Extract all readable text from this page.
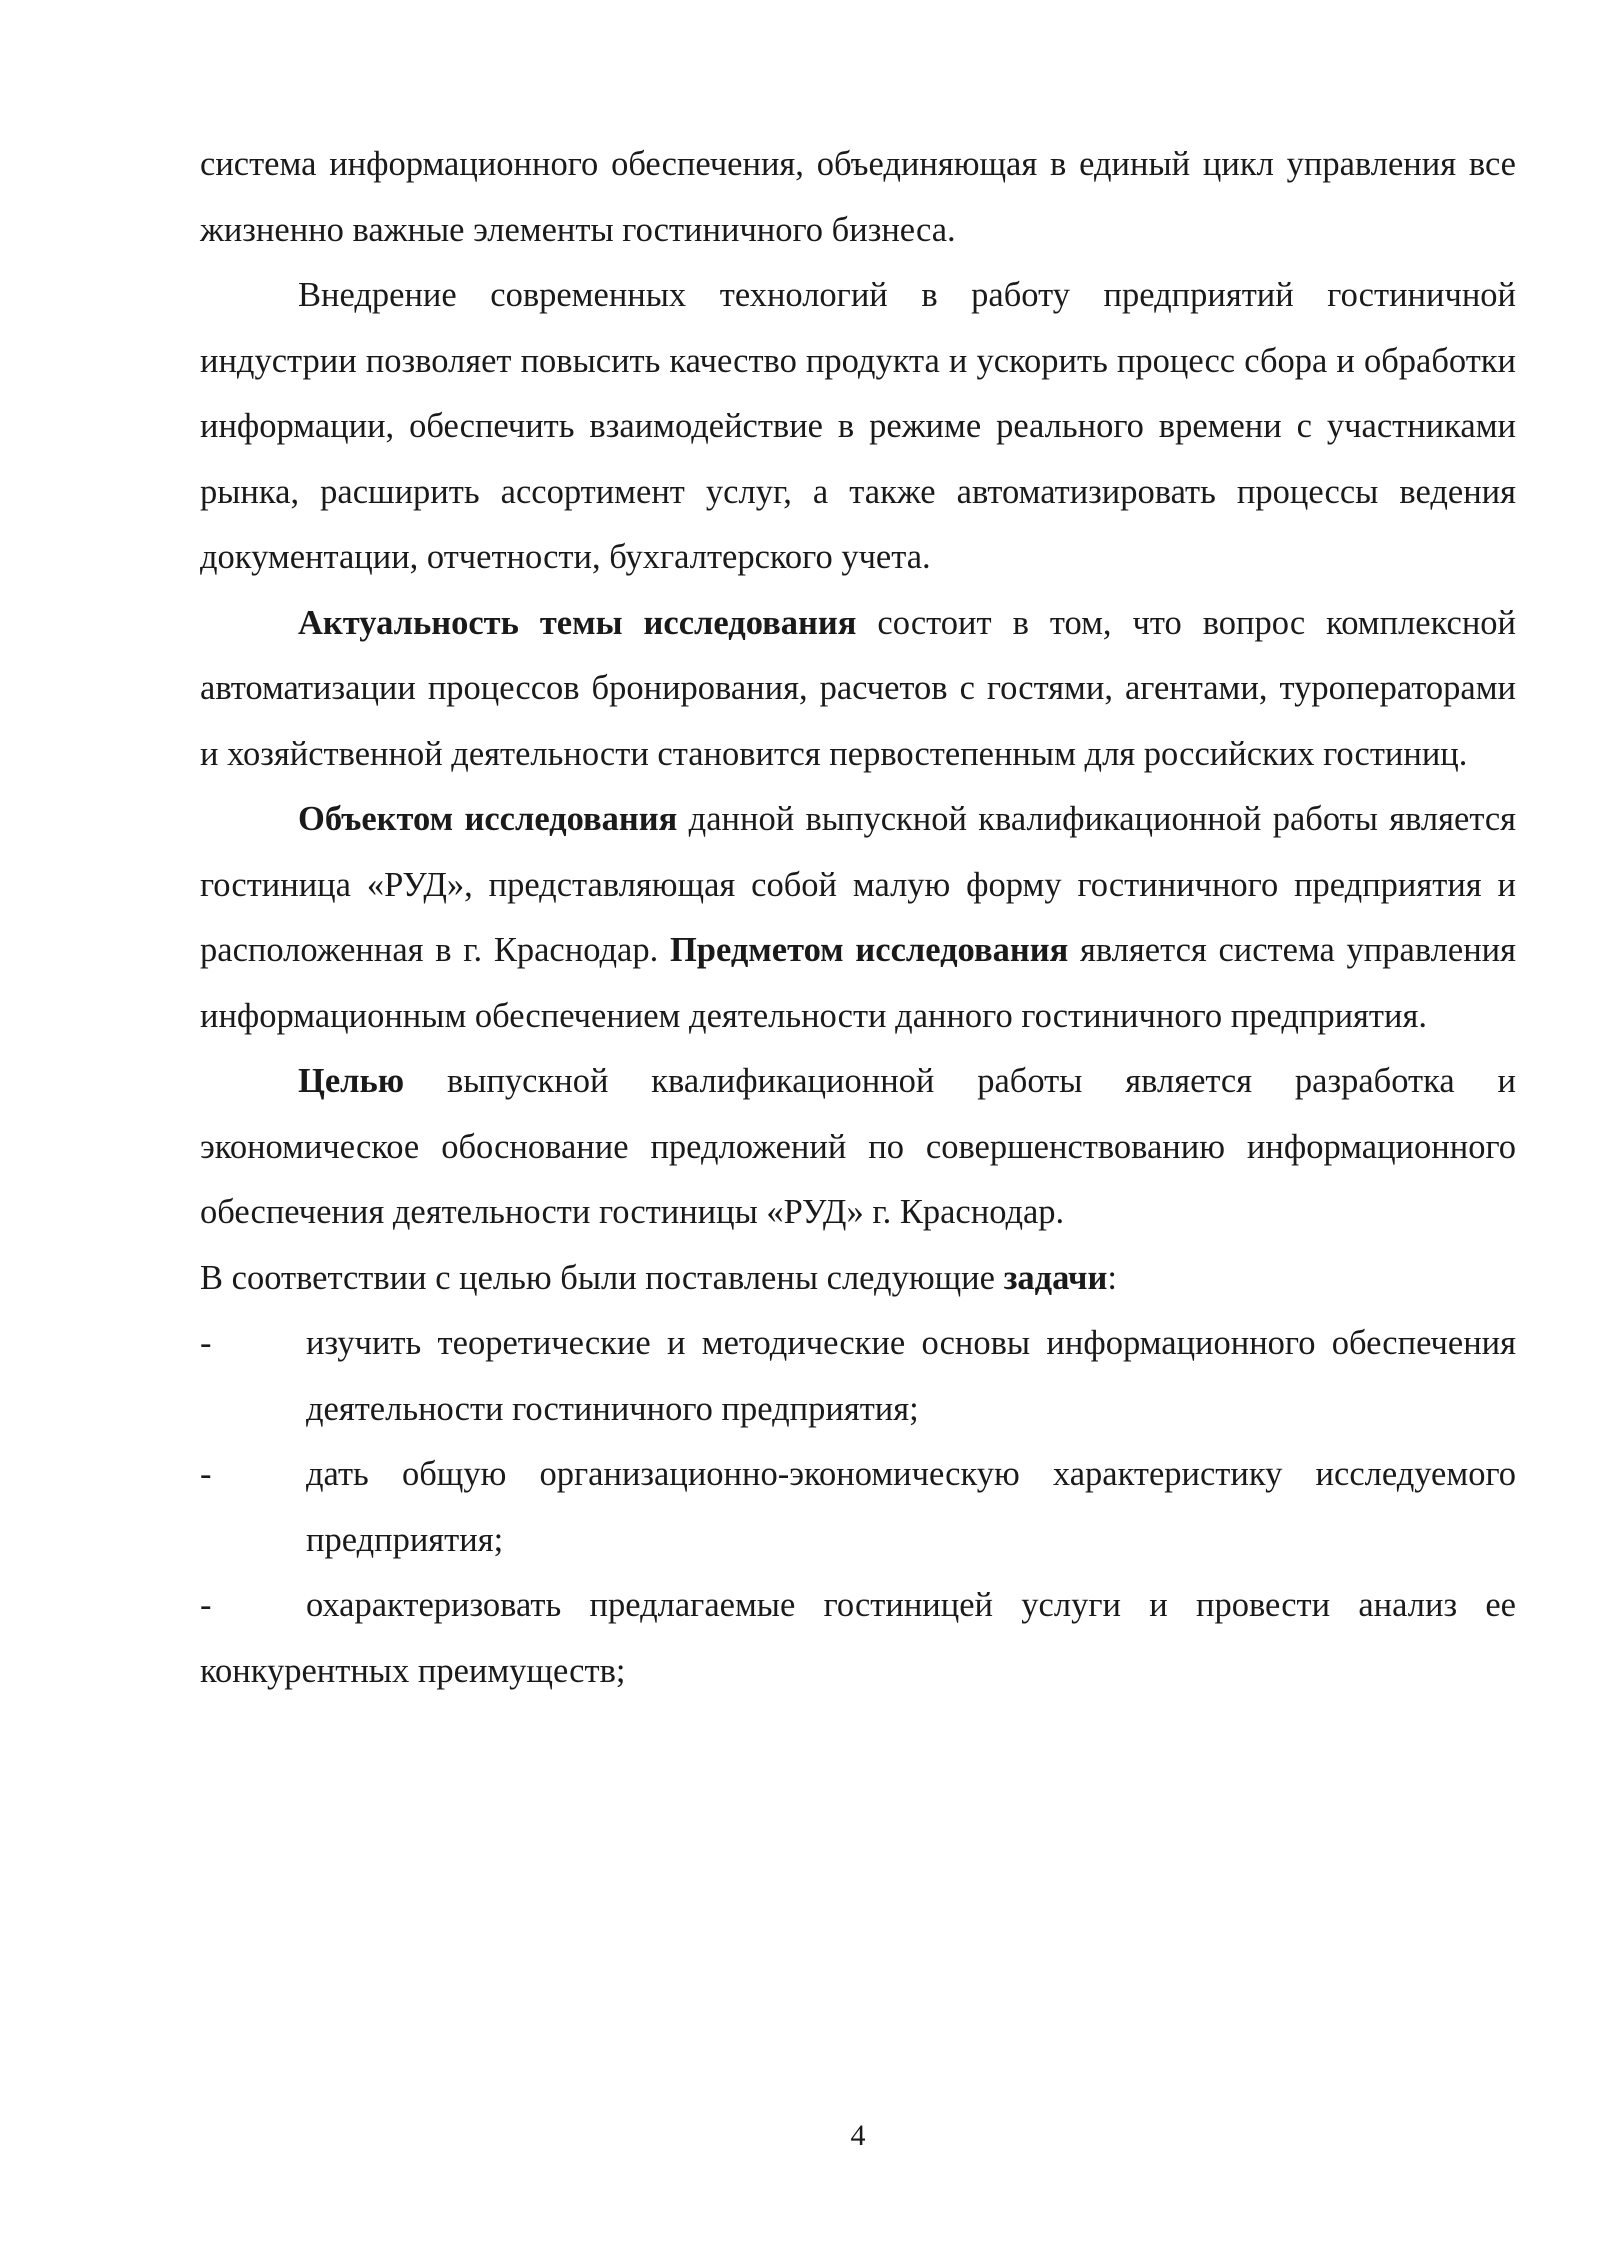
система информационного обеспечения, объединяющая в единый цикл управления все жизненно важные элементы гостиничного бизнеса.

Внедрение современных технологий в работу предприятий гостиничной индустрии позволяет повысить качество продукта и ускорить процесс сбора и обработки информации, обеспечить взаимодействие в режиме реального времени с участниками рынка, расширить ассортимент услуг, а также автоматизировать процессы ведения документации, отчетности, бухгалтерского учета.

Актуальность темы исследования состоит в том, что вопрос комплексной автоматизации процессов бронирования, расчетов с гостями, агентами, туроператорами и хозяйственной деятельности становится первостепенным для российских гостиниц.

Объектом исследования данной выпускной квалификационной работы является гостиница «РУД», представляющая собой малую форму гостиничного предприятия и расположенная в г. Краснодар. Предметом исследования является система управления информационным обеспечением деятельности данного гостиничного предприятия.

Целью выпускной квалификационной работы является разработка и экономическое обоснование предложений по совершенствованию информационного обеспечения деятельности гостиницы «РУД» г. Краснодар.

В соответствии с целью были поставлены следующие задачи:

-	изучить теоретические и методические основы информационного обеспечения деятельности гостиничного предприятия;
-	дать общую организационно-экономическую характеристику исследуемого предприятия;
-	охарактеризовать предлагаемые гостиницей услуги и провести анализ ее конкурентных преимуществ;
4
